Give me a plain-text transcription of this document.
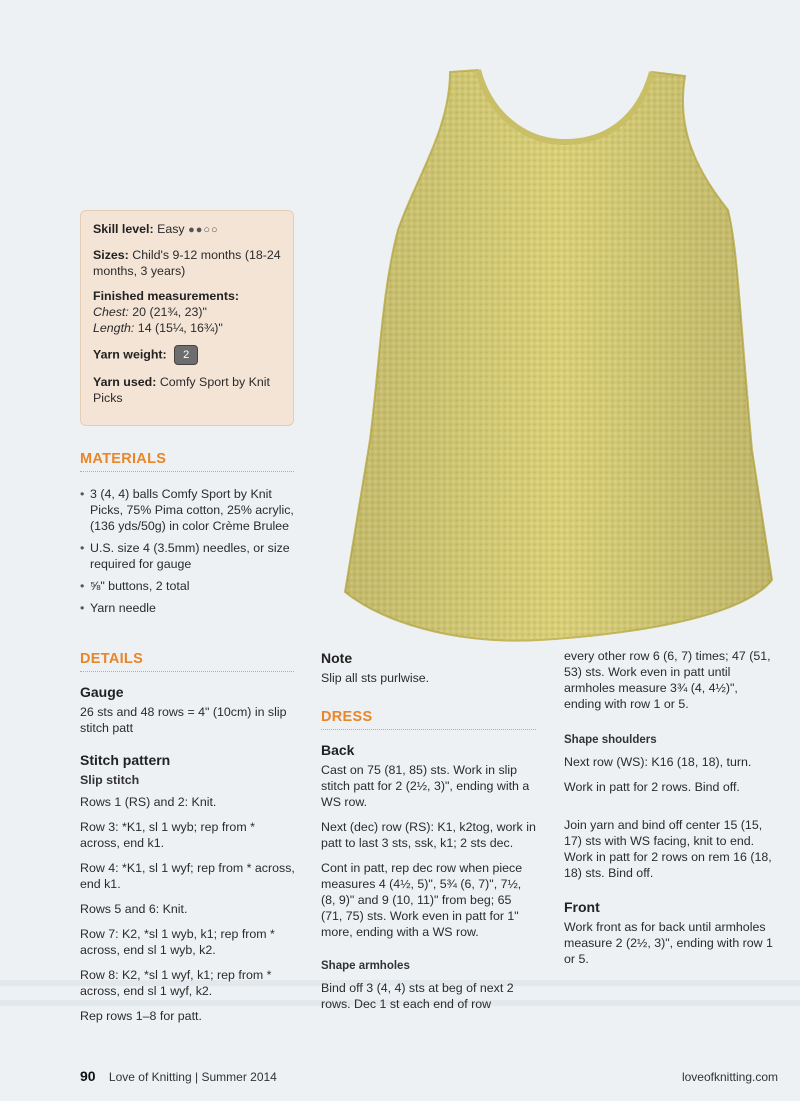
Skill level: Easy ●●○○

Sizes: Child's 9-12 months (18-24 months, 3 years)

Finished measurements:
Chest: 20 (21¾, 23)"
Length: 14 (15¼, 16¾)"

Yarn weight: 2

Yarn used: Comfy Sport by Knit Picks

MATERIALS
• 3 (4, 4) balls Comfy Sport by Knit Picks, 75% Pima cotton, 25% acrylic, (136 yds/50g) in color Crème Brulee
• U.S. size 4 (3.5mm) needles, or size required for gauge
• ⅝" buttons, 2 total
• Yarn needle
DETAILS
Gauge

26 sts and 48 rows = 4" (10cm) in slip stitch patt

Stitch pattern
Slip stitch

Rows 1 (RS) and 2: Knit.

Row 3: *K1, sl 1 wyb; rep from * across, end k1.

Row 4: *K1, sl 1 wyf; rep from * across, end k1.

Rows 5 and 6: Knit.

Row 7: K2, *sl 1 wyb, k1; rep from * across, end sl 1 wyb, k2.

Row 8: K2, *sl 1 wyf, k1; rep from * across, end sl 1 wyf, k2.

Rep rows 1–8 for patt.

Note

Slip all sts purlwise.

DRESS
Back

Cast on 75 (81, 85) sts. Work in slip stitch patt for 2 (2½, 3)", ending with a WS row.

Next (dec) row (RS): K1, k2tog, work in patt to last 3 sts, ssk, k1; 2 sts dec.

Cont in patt, rep dec row when piece measures 4 (4½, 5)", 5¾ (6, 7)", 7½, (8, 9)" and 9 (10, 11)" from beg; 65 (71, 75) sts. Work even in patt for 1" more, ending with a WS row.

Shape armholes

Bind off 3 (4, 4) sts at beg of next 2 rows. Dec 1 st each end of row

every other row 6 (6, 7) times; 47 (51, 53) sts. Work even in patt until armholes measure 3¾ (4, 4½)", ending with row 1 or 5.

Shape shoulders

Next row (WS): K16 (18, 18), turn.

Work in patt for 2 rows. Bind off.

Join yarn and bind off center 15 (15, 17) sts with WS facing, knit to end. Work in patt for 2 rows on rem 16 (18, 18) sts. Bind off.

Front

Work front as for back until armholes measure 2 (2½, 3)", ending with row 1 or 5.

90 Love of Knitting | Summer 2014	loveofknitting.com
